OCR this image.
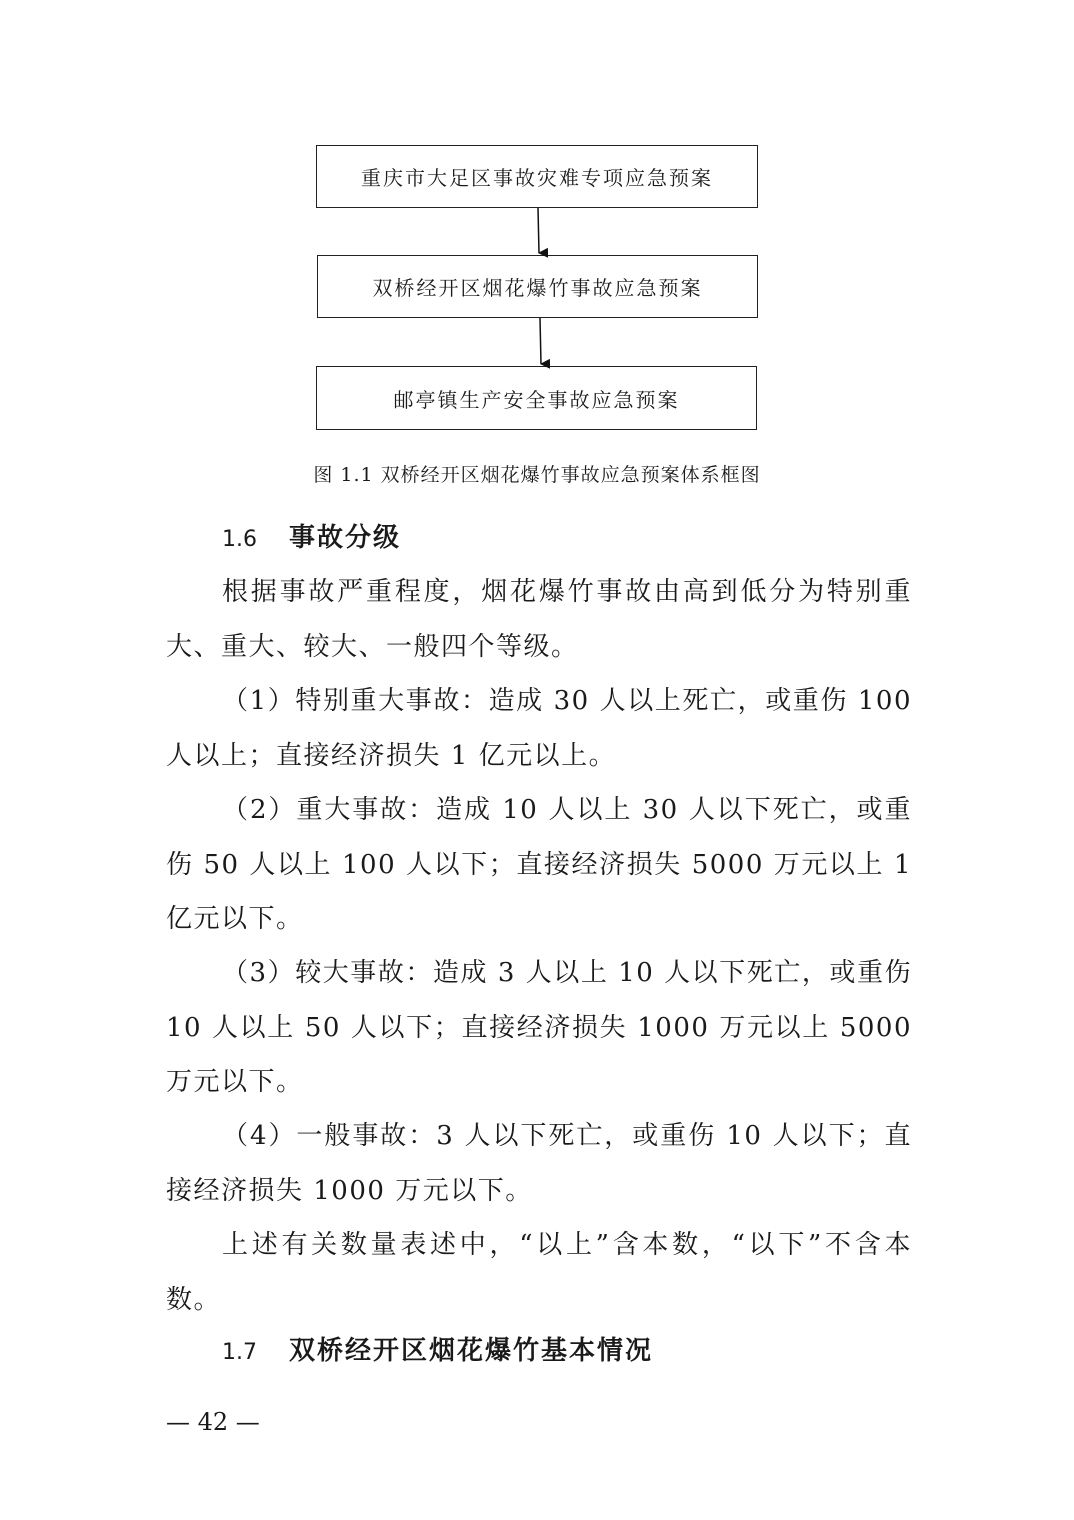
重庆市大足区事故灾难专项应急预案
双桥经开区烟花爆竹事故应急预案
邮亭镇生产安全事故应急预案
图 1.1 双桥经开区烟花爆竹事故应急预案体系框图
1.6 事故分级
根据事故严重程度，烟花爆竹事故由高到低分为特别重大、重大、较大、一般四个等级。
（1）特别重大事故：造成 30 人以上死亡，或重伤 100 人以上；直接经济损失 1 亿元以上。
（2）重大事故：造成 10 人以上 30 人以下死亡，或重伤 50 人以上 100 人以下；直接经济损失 5000 万元以上 1 亿元以下。
（3）较大事故：造成 3 人以上 10 人以下死亡，或重伤 10 人以上 50 人以下；直接经济损失 1000 万元以上 5000 万元以下。
（4）一般事故：3 人以下死亡，或重伤 10 人以下；直接经济损失 1000 万元以下。
上述有关数量表述中，“以上”含本数，“以下”不含本数。
1.7 双桥经开区烟花爆竹基本情况
— 42 —
